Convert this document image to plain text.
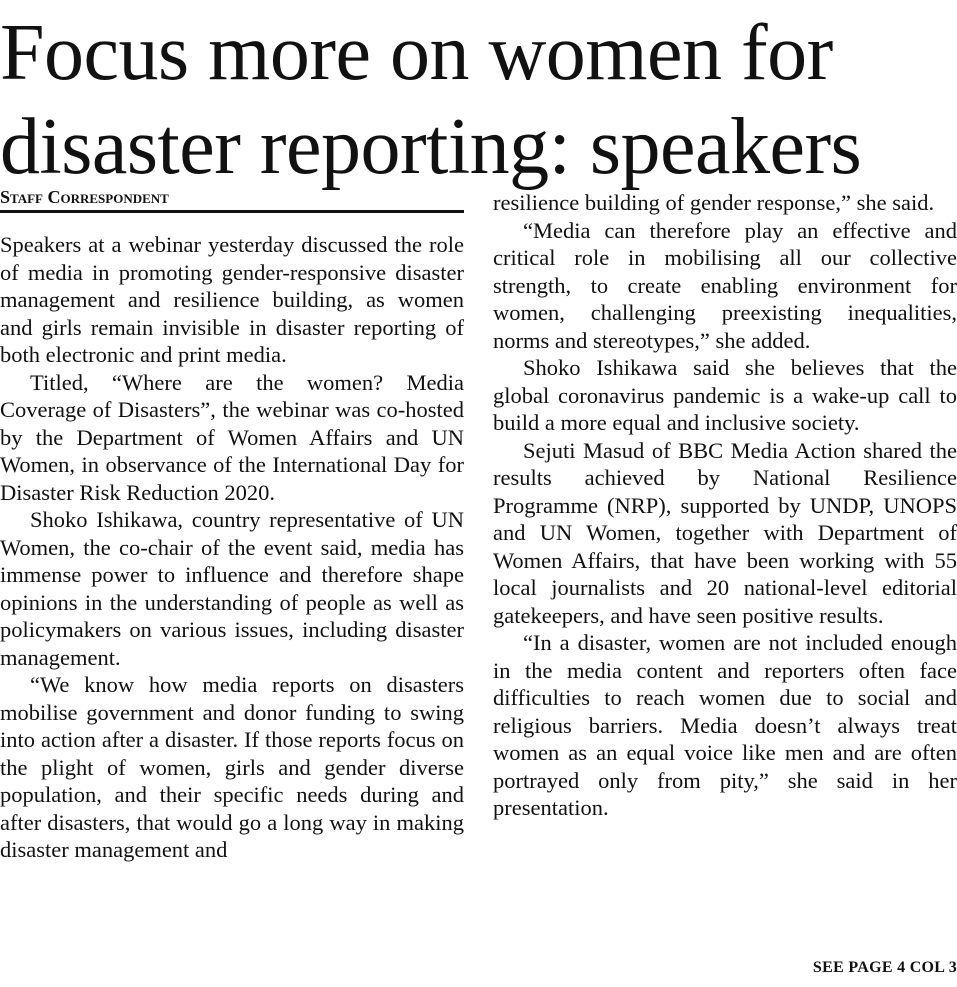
Focus more on women for disaster reporting: speakers
Staff Correspondent

Speakers at a webinar yesterday discussed the role of media in promoting gender-responsive disaster management and resilience building, as women and girls remain invisible in disaster reporting of both electronic and print media.

Titled, “Where are the women? Media Coverage of Disasters”, the webinar was co-hosted by the Department of Women Affairs and UN Women, in observance of the International Day for Disaster Risk Reduction 2020.

Shoko Ishikawa, country representative of UN Women, the co-chair of the event said, media has immense power to influence and therefore shape opinions in the understanding of people as well as policymakers on various issues, including disaster management.

“We know how media reports on disasters mobilise government and donor funding to swing into action after a disaster. If those reports focus on the plight of women, girls and gender diverse population, and their specific needs during and after disasters, that would go a long way in making disaster management and

resilience building of gender response,” she said.

“Media can therefore play an effective and critical role in mobilising all our collective strength, to create enabling environment for women, challenging preexisting inequalities, norms and stereotypes,” she added.

Shoko Ishikawa said she believes that the global coronavirus pandemic is a wake-up call to build a more equal and inclusive society.

Sejuti Masud of BBC Media Action shared the results achieved by National Resilience Programme (NRP), supported by UNDP, UNOPS and UN Women, together with Department of Women Affairs, that have been working with 55 local journalists and 20 national-level editorial gatekeepers, and have seen positive results.

“In a disaster, women are not included enough in the media content and reporters often face difficulties to reach women due to social and religious barriers. Media doesn’t always treat women as an equal voice like men and are often portrayed only from pity,” she said in her presentation.

SEE PAGE 4 COL 3
